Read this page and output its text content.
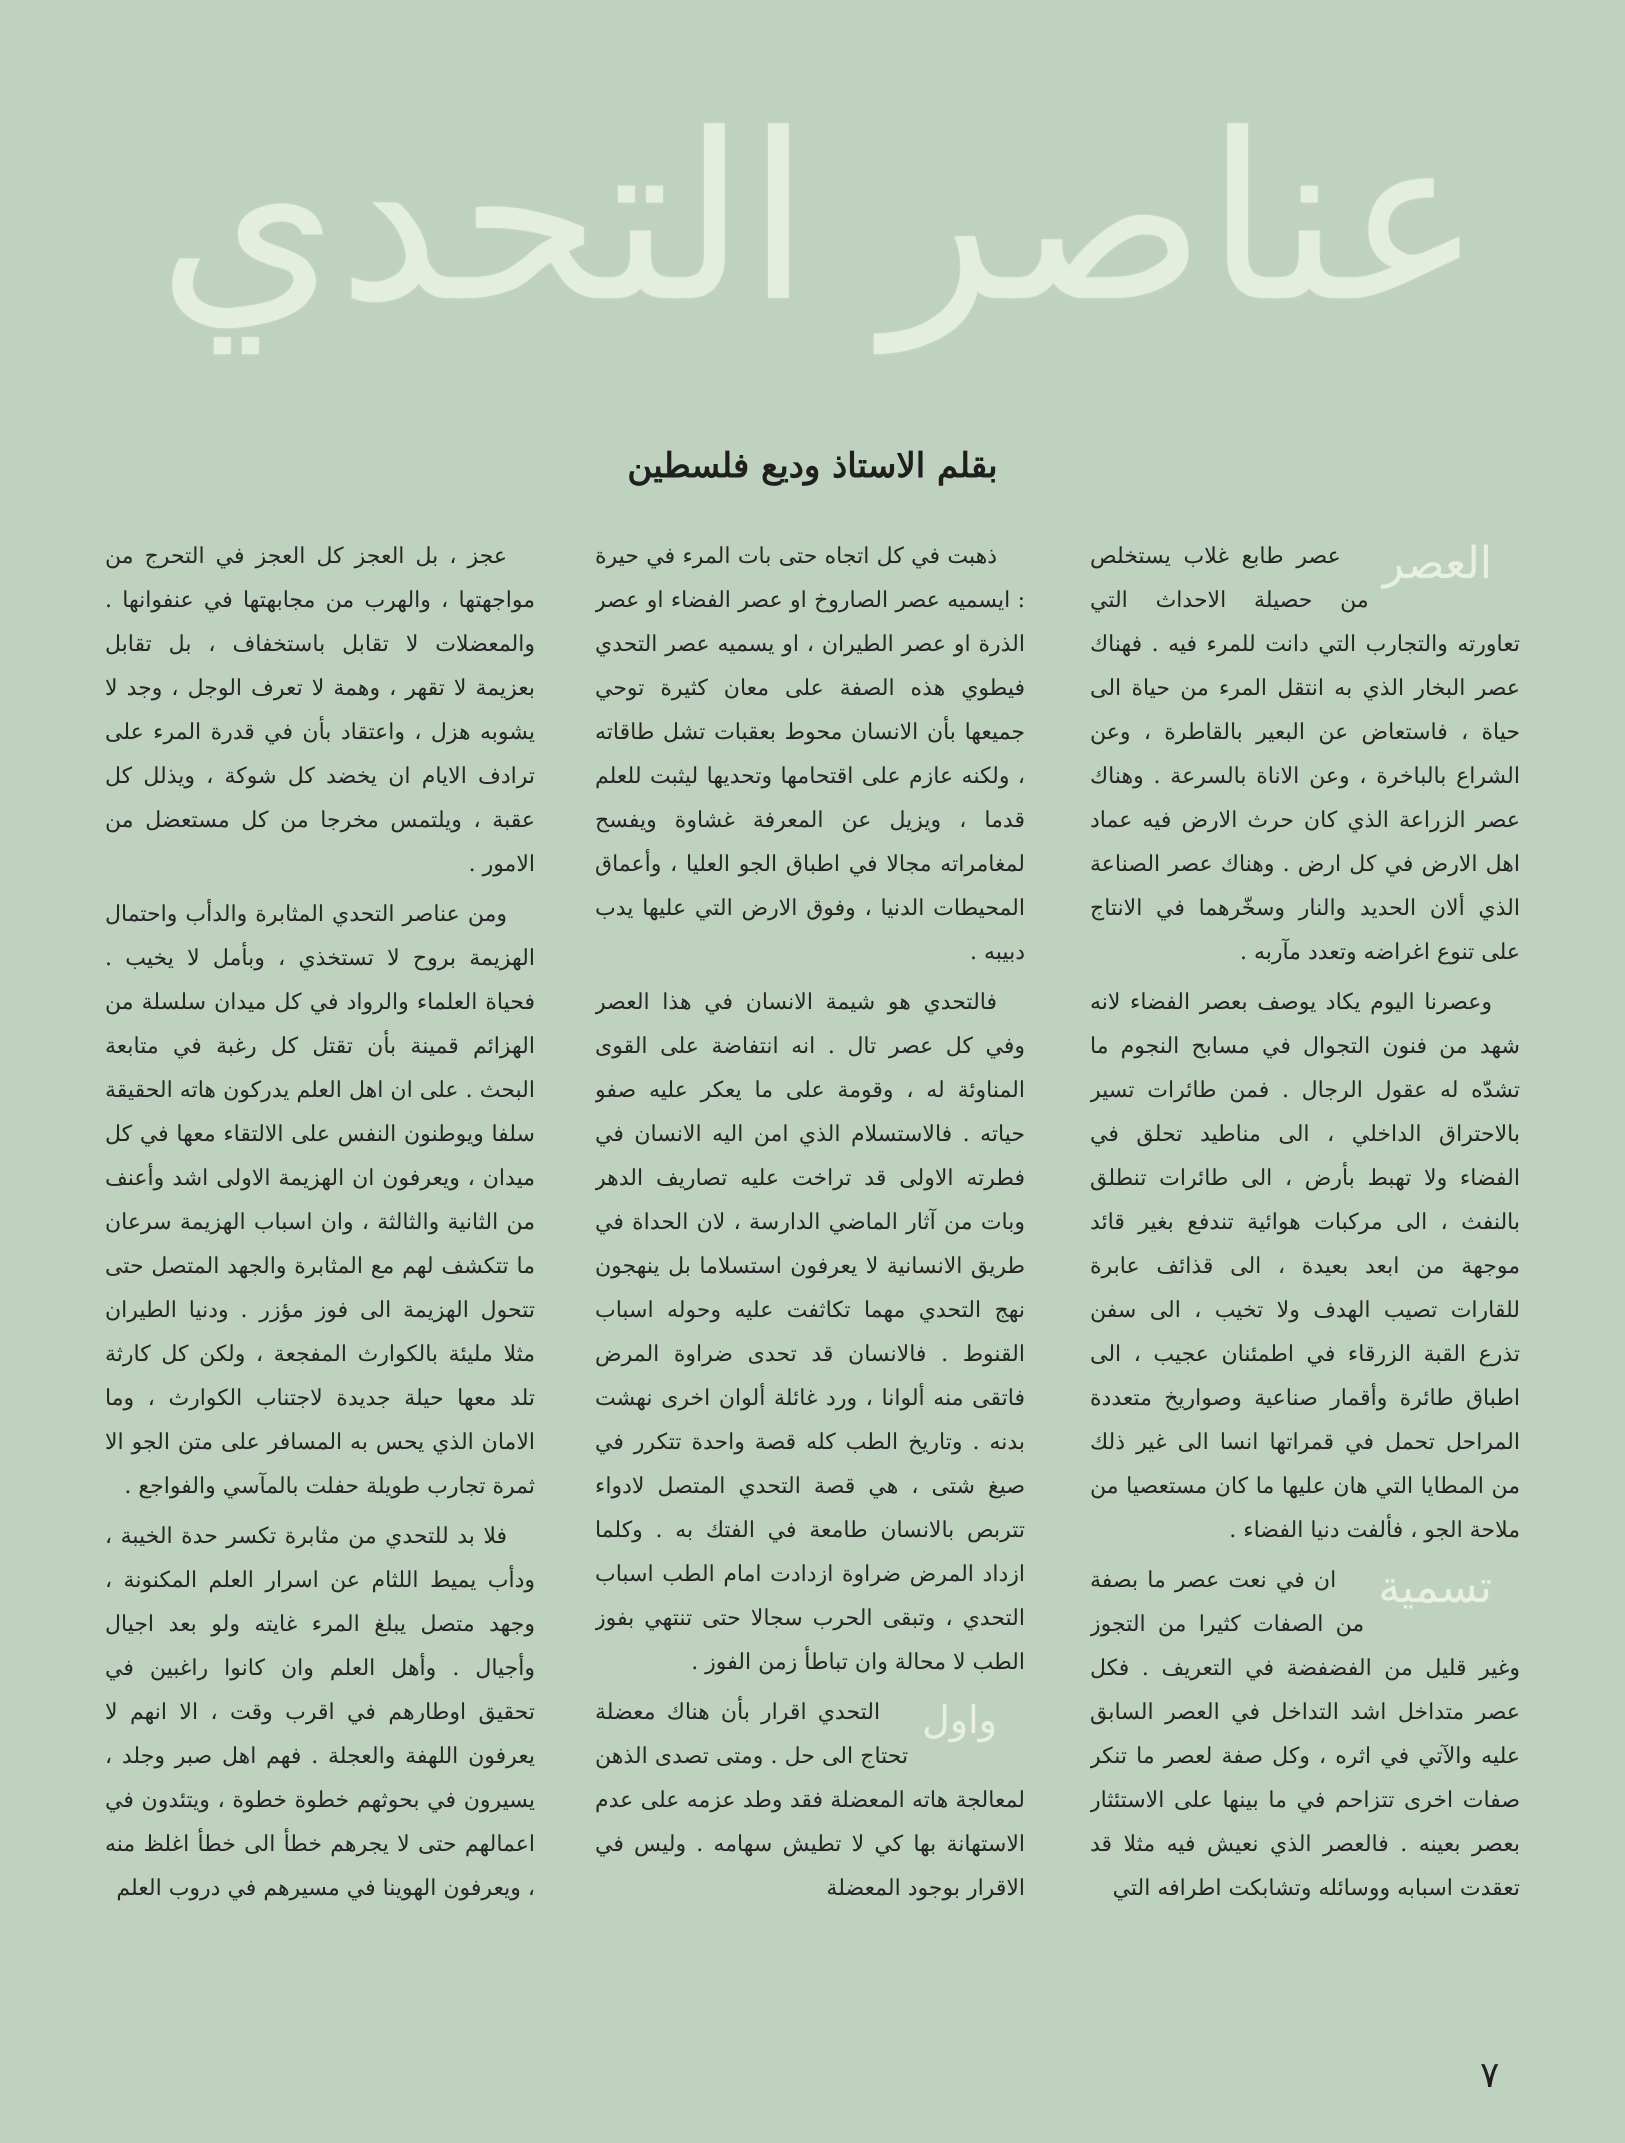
عناصر التحدي
بقلم الاستاذ وديع فلسطين

العصر
عصر طابع غلاب يستخلص من حصيلة الاحداث التي تعاورته والتجارب التي دانت للمرء فيه . فهناك عصر البخار الذي به انتقل المرء من حياة الى حياة ، فاستعاض عن البعير بالقاطرة ، وعن الشراع بالباخرة ، وعن الاناة بالسرعة . وهناك عصر الزراعة الذي كان حرث الارض فيه عماد اهل الارض في كل ارض . وهناك عصر الصناعة الذي ألان الحديد والنار وسخّرهما في الانتاج على تنوع اغراضه وتعدد مآربه .

وعصرنا اليوم يكاد يوصف بعصر الفضاء لانه شهد من فنون التجوال في مسابح النجوم ما تشدّه له عقول الرجال . فمن طائرات تسير بالاحتراق الداخلي ، الى مناطيد تحلق في الفضاء ولا تهبط بأرض ، الى طائرات تنطلق بالنفث ، الى مركبات هوائية تندفع بغير قائد موجهة من ابعد بعيدة ، الى قذائف عابرة للقارات تصيب الهدف ولا تخيب ، الى سفن تذرع القبة الزرقاء في اطمئنان عجيب ، الى اطباق طائرة وأقمار صناعية وصواريخ متعددة المراحل تحمل في قمراتها انسا الى غير ذلك من المطايا التي هان عليها ما كان مستعصيا من ملاحة الجو ، فألفت دنيا الفضاء .

تسمية
ان في نعت عصر ما بصفة من الصفات كثيرا من التجوز وغير قليل من الفضفضة في التعريف . فكل عصر متداخل اشد التداخل في العصر السابق عليه والآتي في اثره ، وكل صفة لعصر ما تنكر صفات اخرى تتزاحم في ما بينها على الاستئثار بعصر بعينه . فالعصر الذي نعيش فيه مثلا قد تعقدت اسبابه ووسائله وتشابكت اطرافه التي

ذهبت في كل اتجاه حتى بات المرء في حيرة : ايسميه عصر الصاروخ او عصر الفضاء او عصر الذرة او عصر الطيران ، او يسميه عصر التحدي فيطوي هذه الصفة على معان كثيرة توحي جميعها بأن الانسان محوط بعقبات تشل طاقاته ، ولكنه عازم على اقتحامها وتحديها ليثبت للعلم قدما ، ويزيل عن المعرفة غشاوة ويفسح لمغامراته مجالا في اطباق الجو العليا ، وأعماق المحيطات الدنيا ، وفوق الارض التي عليها يدب دبيبه .

فالتحدي هو شيمة الانسان في هذا العصر وفي كل عصر تال . انه انتفاضة على القوى المناوئة له ، وقومة على ما يعكر عليه صفو حياته . فالاستسلام الذي امن اليه الانسان في فطرته الاولى قد تراخت عليه تصاريف الدهر وبات من آثار الماضي الدارسة ، لان الحداة في طريق الانسانية لا يعرفون استسلاما بل ينهجون نهج التحدي مهما تكاثفت عليه وحوله اسباب القنوط . فالانسان قد تحدى ضراوة المرض فاتقى منه ألوانا ، ورد غائلة ألوان اخرى نهشت بدنه . وتاريخ الطب كله قصة واحدة تتكرر في صيغ شتى ، هي قصة التحدي المتصل لادواء تتربص بالانسان طامعة في الفتك به . وكلما ازداد المرض ضراوة ازدادت امام الطب اسباب التحدي ، وتبقى الحرب سجالا حتى تنتهي بفوز الطب لا محالة وان تباطأ زمن الفوز .

واول
التحدي اقرار بأن هناك معضلة تحتاج الى حل . ومتى تصدى الذهن لمعالجة هاته المعضلة فقد وطد عزمه على عدم الاستهانة بها كي لا تطيش سهامه . وليس في الاقرار بوجود المعضلة

عجز ، بل العجز كل العجز في التحرج من مواجهتها ، والهرب من مجابهتها في عنفوانها . والمعضلات لا تقابل باستخفاف ، بل تقابل بعزيمة لا تقهر ، وهمة لا تعرف الوجل ، وجد لا يشوبه هزل ، واعتقاد بأن في قدرة المرء على ترادف الايام ان يخضد كل شوكة ، ويذلل كل عقبة ، ويلتمس مخرجا من كل مستعضل من الامور .

ومن عناصر التحدي المثابرة والدأب واحتمال الهزيمة بروح لا تستخذي ، وبأمل لا يخيب . فحياة العلماء والرواد في كل ميدان سلسلة من الهزائم قمينة بأن تقتل كل رغبة في متابعة البحث . على ان اهل العلم يدركون هاته الحقيقة سلفا ويوطنون النفس على الالتقاء معها في كل ميدان ، ويعرفون ان الهزيمة الاولى اشد وأعنف من الثانية والثالثة ، وان اسباب الهزيمة سرعان ما تتكشف لهم مع المثابرة والجهد المتصل حتى تتحول الهزيمة الى فوز مؤزر . ودنيا الطيران مثلا مليئة بالكوارث المفجعة ، ولكن كل كارثة تلد معها حيلة جديدة لاجتناب الكوارث ، وما الامان الذي يحس به المسافر على متن الجو الا ثمرة تجارب طويلة حفلت بالمآسي والفواجع .

فلا بد للتحدي من مثابرة تكسر حدة الخيبة ، ودأب يميط اللثام عن اسرار العلم المكنونة ، وجهد متصل يبلغ المرء غايته ولو بعد اجيال وأجيال . وأهل العلم وان كانوا راغبين في تحقيق اوطارهم في اقرب وقت ، الا انهم لا يعرفون اللهفة والعجلة . فهم اهل صبر وجلد ، يسيرون في بحوثهم خطوة خطوة ، ويتئدون في اعمالهم حتى لا يجرهم خطأ الى خطأ اغلظ منه ، ويعرفون الهوينا في مسيرهم في دروب العلم

٧
